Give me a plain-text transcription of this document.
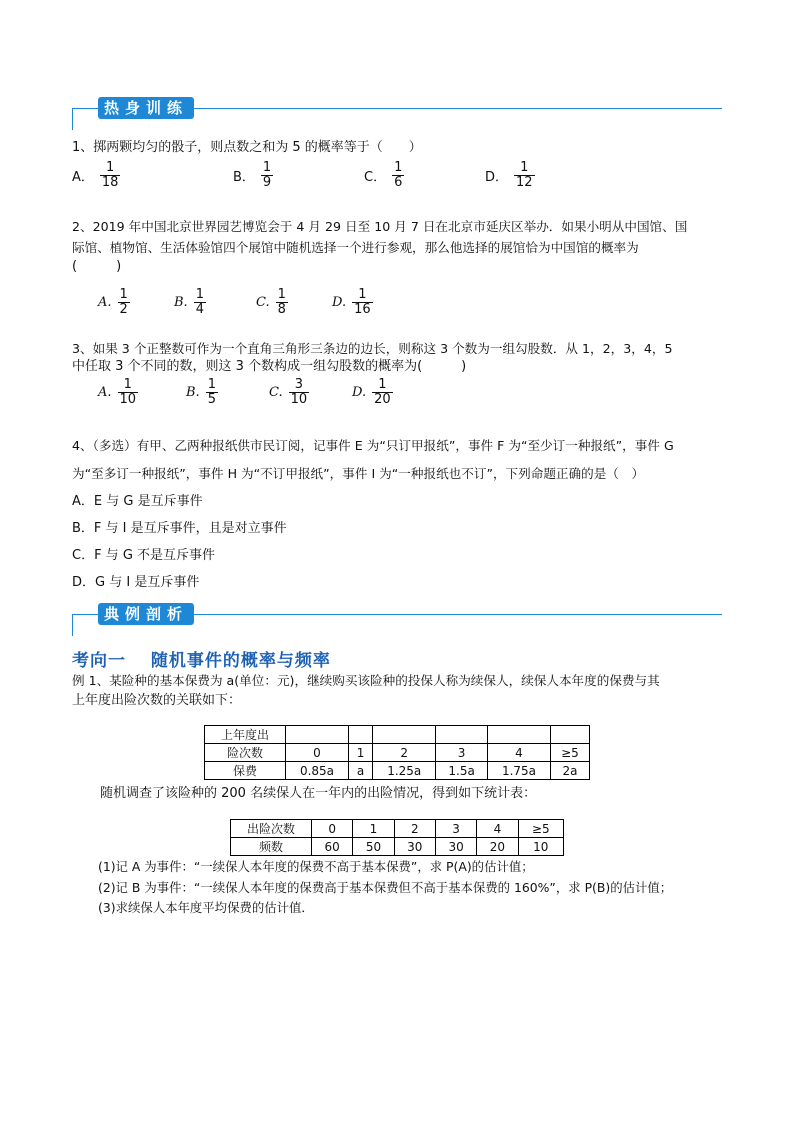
热身训练
1、掷两颗均匀的骰子，则点数之和为 5 的概率等于（　　）
A． $\frac{1}{18}$	B． $\frac{1}{9}$	C． $\frac{1}{6}$	D． $\frac{1}{12}$
2、2019 年中国北京世界园艺博览会于 4 月 29 日至 10 月 7 日在北京市延庆区举办．如果小明从中国馆、国
际馆、植物馆、生活体验馆四个展馆中随机选择一个进行参观，那么他选择的展馆恰为中国馆的概率为
(　　　)
A. $\frac{1}{2}$	B. $\frac{1}{4}$	C. $\frac{1}{8}$	D. $\frac{1}{16}$
3、如果 3 个正整数可作为一个直角三角形三条边的边长，则称这 3 个数为一组勾股数．从 1，2，3，4，5
中任取 3 个不同的数，则这 3 个数构成一组勾股数的概率为(　　　)
A. $\frac{1}{10}$	B. $\frac{1}{5}$	C. $\frac{3}{10}$	D. $\frac{1}{20}$
4、（多选）有甲、乙两种报纸供市民订阅，记事件 E 为“只订甲报纸”，事件 F 为“至少订一种报纸”，事件 G
为“至多订一种报纸”，事件 H 为“不订甲报纸”，事件 I 为“一种报纸也不订”，下列命题正确的是（　）
A．E 与 G 是互斥事件
B．F 与 I 是互斥事件，且是对立事件
C．F 与 G 不是互斥事件
D．G 与 I 是互斥事件
典例剖析
考向一　 随机事件的概率与频率
例 1、某险种的基本保费为 a(单位：元)，继续购买该险种的投保人称为续保人，续保人本年度的保费与其
上年度出险次数的关联如下：
上年度出						
险次数	0	1	2	3	4	≥5
保费	0.85a	a	1.25a	1.5a	1.75a	2a
随机调查了该险种的 200 名续保人在一年内的出险情况，得到如下统计表：
出险次数	0	1	2	3	4	≥5
频数	60	50	30	30	20	10
(1)记 A 为事件：“一续保人本年度的保费不高于基本保费”，求 P(A)的估计值；
(2)记 B 为事件：“一续保人本年度的保费高于基本保费但不高于基本保费的 160%”，求 P(B)的估计值；
(3)求续保人本年度平均保费的估计值．
